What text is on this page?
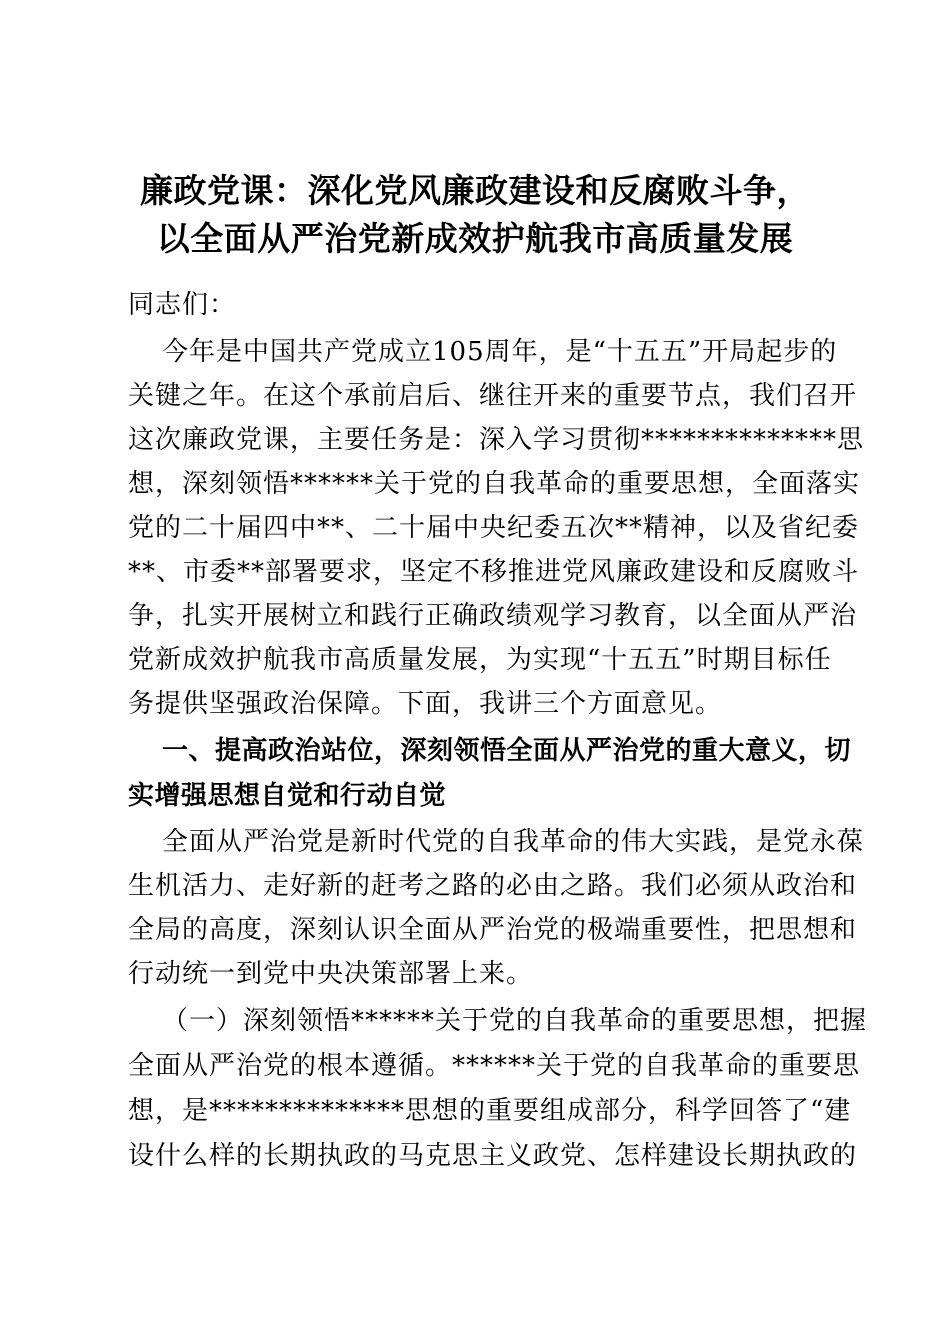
廉政党课：深化党风廉政建设和反腐败斗争，
以全面从严治党新成效护航我市高质量发展
同志们：
今年是中国共产党成立105周年，是“十五五”开局起步的
关键之年。在这个承前启后、继往开来的重要节点，我们召开
这次廉政党课，主要任务是：深入学习贯彻**************思
想，深刻领悟******关于党的自我革命的重要思想，全面落实
党的二十届四中**、二十届中央纪委五次**精神，以及省纪委
**、市委**部署要求，坚定不移推进党风廉政建设和反腐败斗
争，扎实开展树立和践行正确政绩观学习教育，以全面从严治
党新成效护航我市高质量发展，为实现“十五五”时期目标任
务提供坚强政治保障。下面，我讲三个方面意见。
一、提高政治站位，深刻领悟全面从严治党的重大意义，切
实增强思想自觉和行动自觉
全面从严治党是新时代党的自我革命的伟大实践，是党永葆
生机活力、走好新的赶考之路的必由之路。我们必须从政治和
全局的高度，深刻认识全面从严治党的极端重要性，把思想和
行动统一到党中央决策部署上来。
（一）深刻领悟******关于党的自我革命的重要思想，把握
全面从严治党的根本遵循。******关于党的自我革命的重要思
想，是**************思想的重要组成部分，科学回答了“建
设什么样的长期执政的马克思主义政党、怎样建设长期执政的
